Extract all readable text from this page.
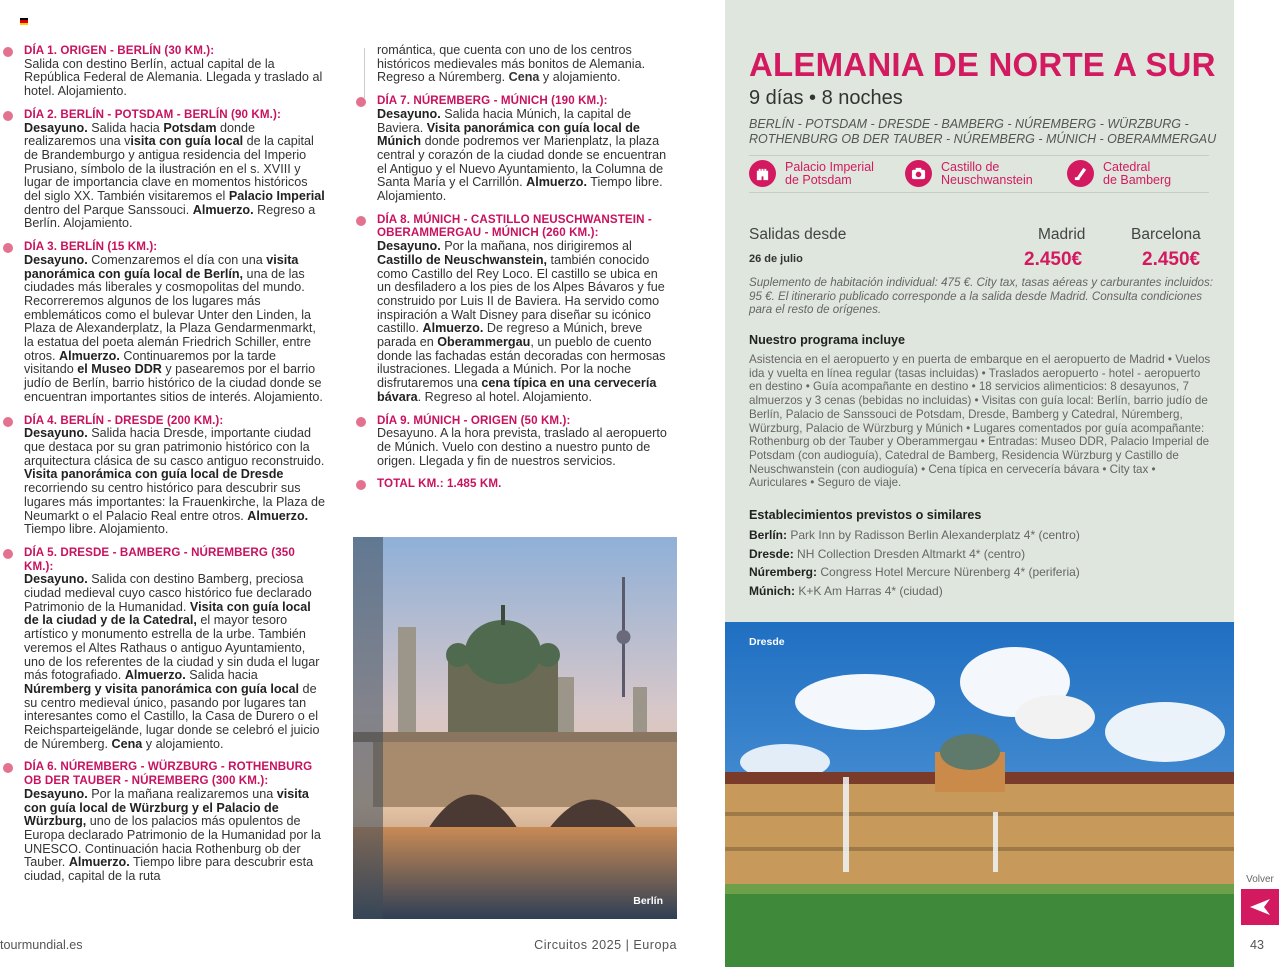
DÍA 1. ORIGEN - BERLÍN (30 KM.):

Salida con destino Berlín, actual capital de la República Federal de Alemania. Llegada y traslado al hotel. Alojamiento.

DÍA 2. BERLÍN - POTSDAM - BERLÍN (90 KM.):

Desayuno. Salida hacia Potsdam donde realizaremos una visita con guía local de la capital de Brandemburgo y antigua residencia del Imperio Prusiano, símbolo de la ilustración en el s. XVIII y lugar de importancia clave en momentos históricos del siglo XX. También visitaremos el Palacio Imperial dentro del Parque Sanssouci. Almuerzo. Regreso a Berlín. Alojamiento.

DÍA 3. BERLÍN (15 KM.):

Desayuno. Comenzaremos el día con una visita panorámica con guía local de Berlín, una de las ciudades más liberales y cosmopolitas del mundo. Recorreremos algunos de los lugares más emblemáticos como el bulevar Unter den Linden, la Plaza de Alexanderplatz, la Plaza Gendarmenmarkt, la estatua del poeta alemán Friedrich Schiller, entre otros. Almuerzo. Continuaremos por la tarde visitando el Museo DDR y pasearemos por el barrio judío de Berlín, barrio histórico de la ciudad donde se encuentran importantes sitios de interés. Alojamiento.

DÍA 4. BERLÍN - DRESDE (200 KM.):

Desayuno. Salida hacia Dresde, importante ciudad que destaca por su gran patrimonio histórico con la arquitectura clásica de su casco antiguo reconstruido. Visita panorámica con guía local de Dresde recorriendo su centro histórico para descubrir sus lugares más importantes: la Frauenkirche, la Plaza de Neumarkt o el Palacio Real entre otros. Almuerzo. Tiempo libre. Alojamiento.

DÍA 5. DRESDE - BAMBERG - NÚREMBERG (350 KM.):

Desayuno. Salida con destino Bamberg, preciosa ciudad medieval cuyo casco histórico fue declarado Patrimonio de la Humanidad. Visita con guía local de la ciudad y de la Catedral, el mayor tesoro artístico y monumento estrella de la urbe. También veremos el Altes Rathaus o antiguo Ayuntamiento, uno de los referentes de la ciudad y sin duda el lugar más fotografiado. Almuerzo. Salida hacia Núremberg y visita panorámica con guía local de su centro medieval único, pasando por lugares tan interesantes como el Castillo, la Casa de Durero o el Reichsparteigelände, lugar donde se celebró el juicio de Núremberg. Cena y alojamiento.

DÍA 6. NÚREMBERG - WÜRZBURG - ROTHENBURG OB DER TAUBER - NÚREMBERG (300 KM.):

Desayuno. Por la mañana realizaremos una visita con guía local de Würzburg y el Palacio de Würzburg, uno de los palacios más opulentos de Europa declarado Patrimonio de la Humanidad por la UNESCO. Continuación hacia Rothenburg ob der Tauber. Almuerzo. Tiempo libre para descubrir esta ciudad, capital de la ruta

romántica, que cuenta con uno de los centros históricos medievales más bonitos de Alemania. Regreso a Núremberg. Cena y alojamiento.

DÍA 7. NÚREMBERG - MÚNICH (190 KM.):

Desayuno. Salida hacia Múnich, la capital de Baviera. Visita panorámica con guía local de Múnich donde podremos ver Marienplatz, la plaza central y corazón de la ciudad donde se encuentran el Antiguo y el Nuevo Ayuntamiento, la Columna de Santa María y el Carrillón. Almuerzo. Tiempo libre. Alojamiento.

DÍA 8. MÚNICH - CASTILLO NEUSCHWANSTEIN - OBERAMMERGAU - MÚNICH (260 KM.):

Desayuno. Por la mañana, nos dirigiremos al Castillo de Neuschwanstein, también conocido como Castillo del Rey Loco. El castillo se ubica en un desfiladero a los pies de los Alpes Bávaros y fue construido por Luis II de Baviera. Ha servido como inspiración a Walt Disney para diseñar su icónico castillo. Almuerzo. De regreso a Múnich, breve parada en Oberammergau, un pueblo de cuento donde las fachadas están decoradas con hermosas ilustraciones. Llegada a Múnich. Por la noche disfrutaremos una cena típica en una cervecería bávara. Regreso al hotel. Alojamiento.

DÍA 9. MÚNICH - ORIGEN (50 KM.):

Desayuno. A la hora prevista, traslado al aeropuerto de Múnich. Vuelo con destino a nuestro punto de origen. Llegada y fin de nuestros servicios.

TOTAL KM.: 1.485 KM.
Berlín
ALEMANIA DE NORTE A SUR
9 días • 8 noches
BERLÍN - POTSDAM - DRESDE - BAMBERG - NÚREMBERG - WÜRZBURG - ROTHENBURG OB DER TAUBER - NÚREMBERG - MÚNICH - OBERAMMERGAU
Palacio Imperial
de Potsdam
Castillo de
Neuschwanstein
Catedral
de Bamberg
Salidas desde	Madrid	Barcelona
26 de julio	2.450€	2.450€
Suplemento de habitación individual: 475 €. City tax, tasas aéreas y carburantes incluidos: 95 €. El itinerario publicado corresponde a la salida desde Madrid. Consulta condiciones para el resto de orígenes.
Nuestro programa incluye
Asistencia en el aeropuerto y en puerta de embarque en el aeropuerto de Madrid • Vuelos ida y vuelta en línea regular (tasas incluidas) • Traslados aeropuerto - hotel - aeropuerto en destino • Guía acompañante en destino • 18 servicios alimenticios: 8 desayunos, 7 almuerzos y 3 cenas (bebidas no incluidas) • Visitas con guía local: Berlín, barrio judío de Berlín, Palacio de Sanssouci de Potsdam, Dresde, Bamberg y Catedral, Núremberg, Würzburg, Palacio de Würzburg y Múnich • Lugares comentados por guía acompañante: Rothenburg ob der Tauber y Oberammergau • Entradas: Museo DDR, Palacio Imperial de Potsdam (con audioguía), Catedral de Bamberg, Residencia Würzburg y Castillo de Neuschwanstein (con audioguía) • Cena típica en cervecería bávara • City tax • Auriculares • Seguro de viaje.
Establecimientos previstos o similares
Berlín: Park Inn by Radisson Berlin Alexanderplatz 4* (centro)
Dresde: NH Collection Dresden Altmarkt 4* (centro)
Núremberg: Congress Hotel Mercure Nürenberg 4* (periferia)
Múnich: K+K Am Harras 4* (ciudad)
Dresde
tourmundial.es	Circuitos 2025 | Europa	43
Volver
